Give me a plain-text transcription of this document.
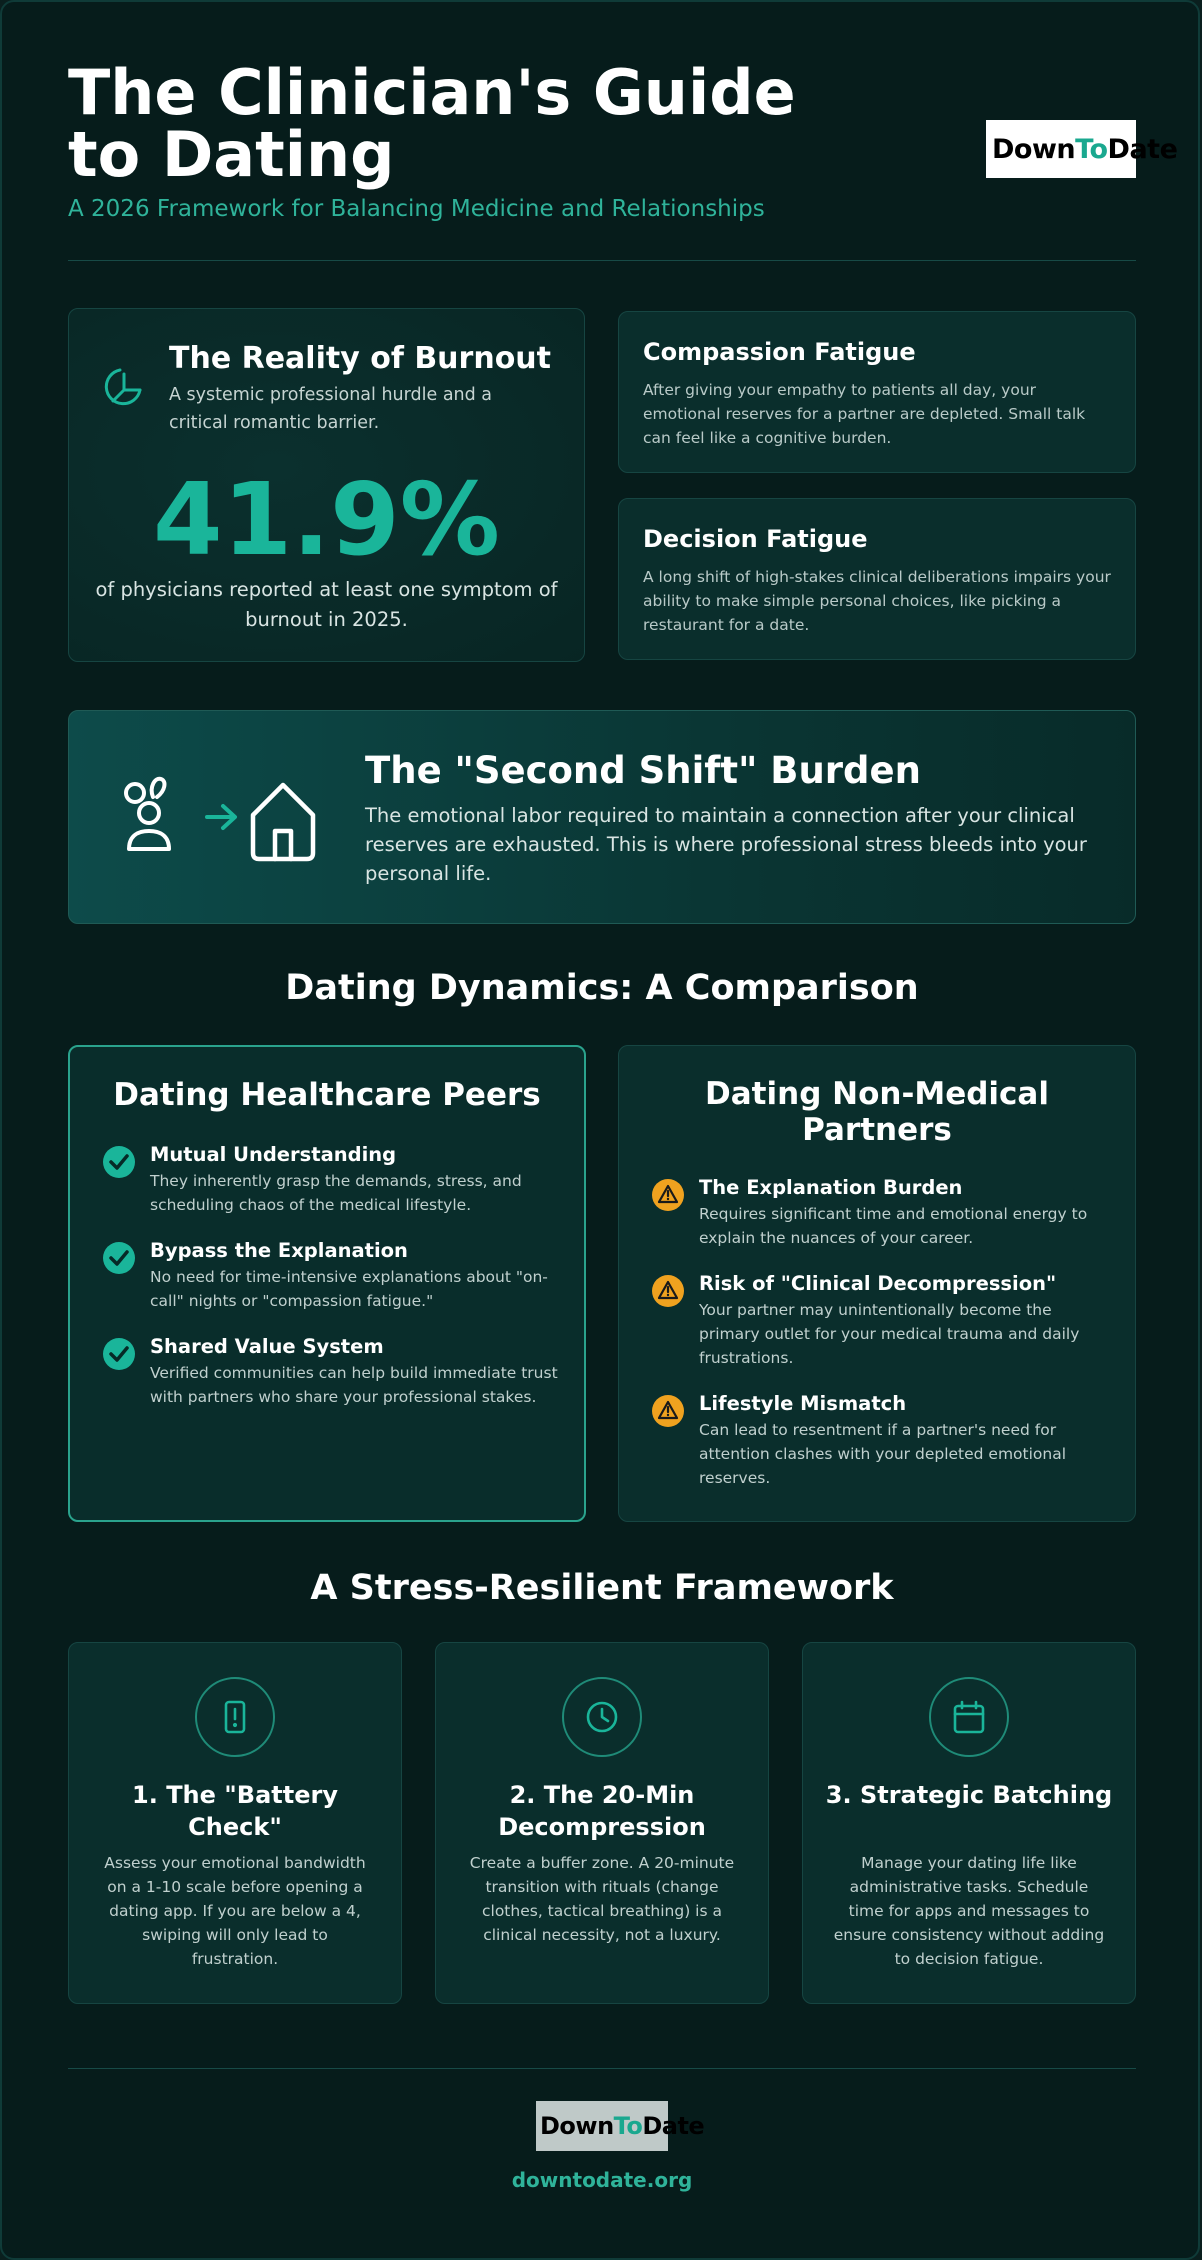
The Clinician's Guide to Dating
A 2026 Framework for Balancing Medicine and Relationships
Down To Date
The Reality of Burnout
A systemic professional hurdle and a critical romantic barrier.
41.9%
of physicians reported at least one symptom of burnout in 2025.
Compassion Fatigue

After giving your empathy to patients all day, your emotional reserves for a partner are depleted. Small talk can feel like a cognitive burden.

Decision Fatigue

A long shift of high-stakes clinical deliberations impairs your ability to make simple personal choices, like picking a restaurant for a date.

The "Second Shift" Burden

The emotional labor required to maintain a connection after your clinical reserves are exhausted. This is where professional stress bleeds into your personal life.

Dating Dynamics: A Comparison
Dating Healthcare Peers
Mutual Understanding

They inherently grasp the demands, stress, and scheduling chaos of the medical lifestyle.

Bypass the Explanation

No need for time-intensive explanations about "on-call" nights or "compassion fatigue."

Shared Value System

Verified communities can help build immediate trust with partners who share your professional stakes.

Dating Non-Medical Partners
The Explanation Burden

Requires significant time and emotional energy to explain the nuances of your career.

Risk of "Clinical Decompression"

Your partner may unintentionally become the primary outlet for your medical trauma and daily frustrations.

Lifestyle Mismatch

Can lead to resentment if a partner's need for attention clashes with your depleted emotional reserves.

A Stress-Resilient Framework
1. The "Battery Check"

Assess your emotional bandwidth on a 1-10 scale before opening a dating app. If you are below a 4, swiping will only lead to frustration.

2. The 20-Min Decompression

Create a buffer zone. A 20-minute transition with rituals (change clothes, tactical breathing) is a clinical necessity, not a luxury.

3. Strategic Batching

Manage your dating life like administrative tasks. Schedule time for apps and messages to ensure consistency without adding to decision fatigue.

Down To Date
downtodate.org
